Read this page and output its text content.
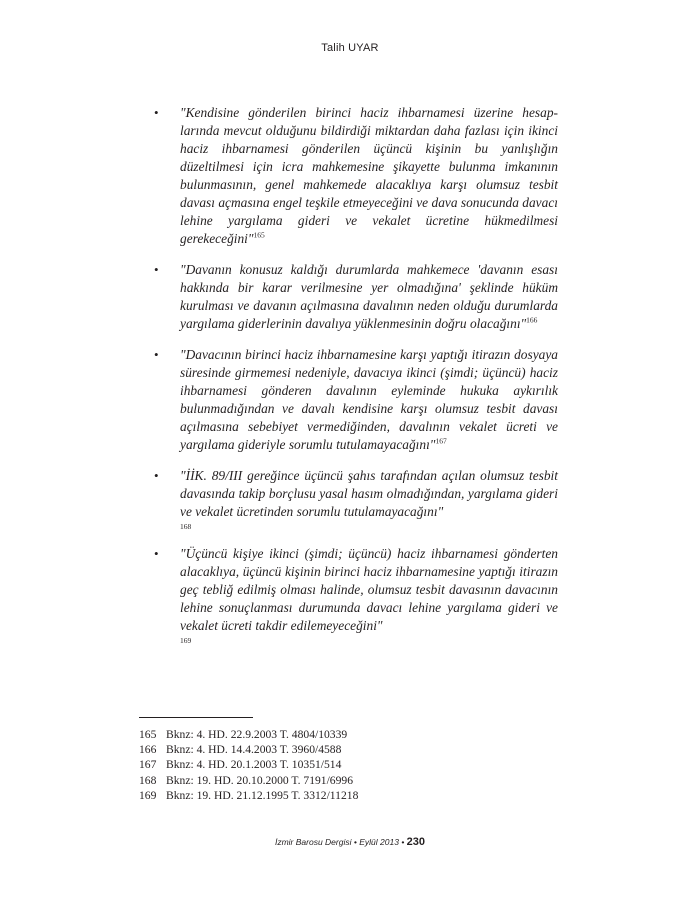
Talih UYAR
• "Kendisine gönderilen birinci haciz ihbarnamesi üzerine hesaplarında mevcut olduğunu bildirdiği miktardan daha fazlası için ikinci haciz ihbarnamesi gönderilen üçüncü kişinin bu yanlışlığın düzeltilmesi için icra mahkemesine şikayette bulunma imkanının bulunmasının, genel mahkemede alacaklıya karşı olumsuz tesbit davası açmasına engel teşkile etmeyeceğini ve dava sonucunda davacı lehine yargılama gideri ve vekalet ücretine hükmedilmesi gerekeceğini"$^{165}$
• "Davanın konusuz kaldığı durumlarda mahkemece 'davanın esası hakkında bir karar verilmesine yer olmadığına' şeklinde hüküm kurulması ve davanın açılmasına davalının neden olduğu durumlarda yargılama giderlerinin davalıya yüklenmesinin doğru olacağını"$^{166}$
• "Davacının birinci haciz ihbarnamesine karşı yaptığı itirazın dosyaya süresinde girmemesi nedeniyle, davacıya ikinci (şimdi; üçüncü) haciz ihbarnamesi gönderen davalının eyleminde hukuka aykırılık bulunmadığından ve davalı kendisine karşı olumsuz tesbit davası açılmasına sebebiyet vermediğinden, davalının vekalet ücreti ve yargılama gideriyle sorumlu tutulamayacağını"$^{167}$
• "İİK. 89/III gereğince üçüncü şahıs tarafından açılan olumsuz tesbit davasında takip borçlusu yasal hasım olmadığından, yargılama gideri ve vekalet ücretinden sorumlu tutulamayacağını"
168
• "Üçüncü kişiye ikinci (şimdi; üçüncü) haciz ihbarnamesi gönderten alacaklıya, üçüncü kişinin birinci haciz ihbarnamesine yaptığı itirazın geç tebliğ edilmiş olması halinde, olumsuz tesbit davasının davacının lehine sonuçlanması durumunda davacı lehine yargılama gideri ve vekalet ücreti takdir edilemeyeceğini"
169
165 Bknz: 4. HD. 22.9.2003 T. 4804/10339
166 Bknz: 4. HD. 14.4.2003 T. 3960/4588
167 Bknz: 4. HD. 20.1.2003 T. 10351/514
168 Bknz: 19. HD. 20.10.2000 T. 7191/6996
169 Bknz: 19. HD. 21.12.1995 T. 3312/11218
İzmir Barosu Dergisi • Eylül 2013 • 230
